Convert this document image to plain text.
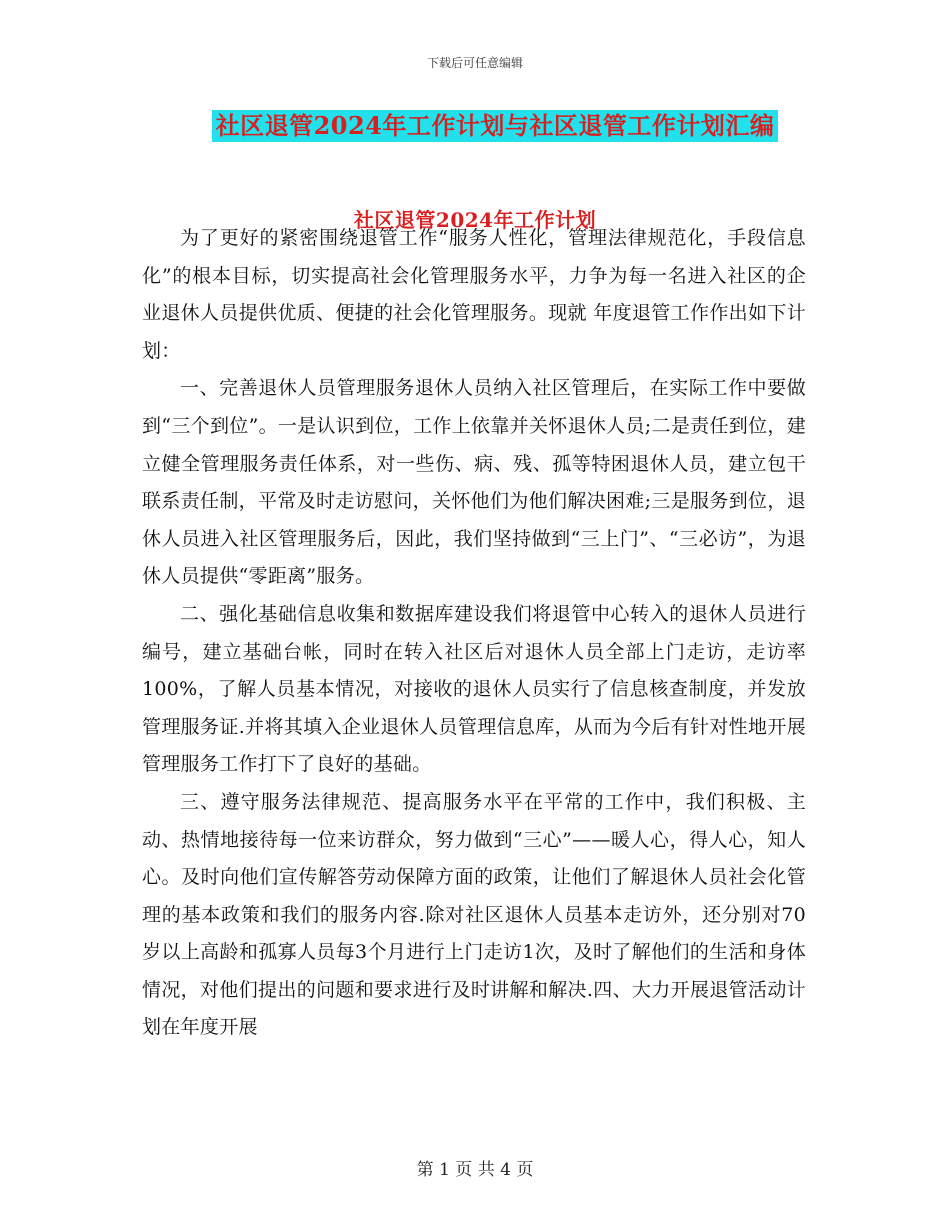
下载后可任意编辑
社区退管2024年工作计划与社区退管工作计划汇编
社区退管2024年工作计划

为了更好的紧密围绕退管工作“服务人性化，管理法律规范化，手段信息化”的根本目标，切实提高社会化管理服务水平，力争为每一名进入社区的企业退休人员提供优质、便捷的社会化管理服务。现就 年度退管工作作出如下计划：

一、完善退休人员管理服务退休人员纳入社区管理后，在实际工作中要做到“三个到位”。一是认识到位，工作上依靠并关怀退休人员;二是责任到位，建立健全管理服务责任体系，对一些伤、病、残、孤等特困退休人员，建立包干联系责任制，平常及时走访慰问，关怀他们为他们解决困难;三是服务到位，退休人员进入社区管理服务后，因此，我们坚持做到“三上门”、“三必访”，为退休人员提供“零距离”服务。

二、强化基础信息收集和数据库建设我们将退管中心转入的退休人员进行编号，建立基础台帐，同时在转入社区后对退休人员全部上门走访，走访率100%，了解人员基本情况，对接收的退休人员实行了信息核查制度，并发放管理服务证.并将其填入企业退休人员管理信息库，从而为今后有针对性地开展管理服务工作打下了良好的基础。

三、遵守服务法律规范、提高服务水平在平常的工作中，我们积极、主动、热情地接待每一位来访群众，努力做到“三心”——暖人心，得人心，知人心。及时向他们宣传解答劳动保障方面的政策，让他们了解退休人员社会化管理的基本政策和我们的服务内容.除对社区退休人员基本走访外，还分别对70岁以上高龄和孤寡人员每3个月进行上门走访1次，及时了解他们的生活和身体情况，对他们提出的问题和要求进行及时讲解和解决.四、大力开展退管活动计划在年度开展

第 1 页 共 4 页
